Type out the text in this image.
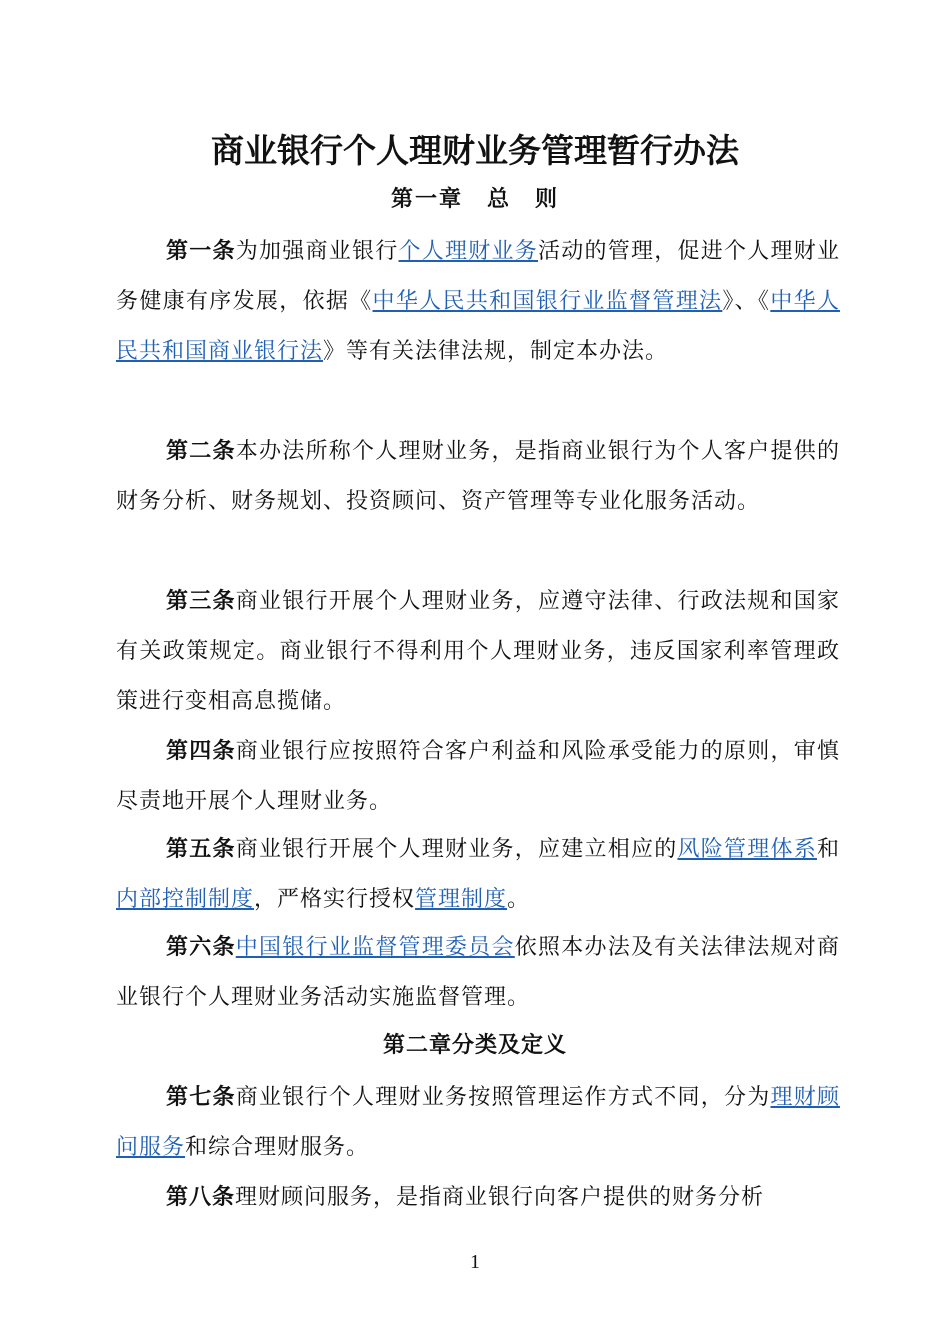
商业银行个人理财业务管理暂行办法
第一章　总　则
第一条为加强商业银行个人理财业务活动的管理，促进个人理财业务健康有序发展，依据《中华人民共和国银行业监督管理法》、《中华人民共和国商业银行法》等有关法律法规，制定本办法。
第二条本办法所称个人理财业务，是指商业银行为个人客户提供的财务分析、财务规划、投资顾问、资产管理等专业化服务活动。
第三条商业银行开展个人理财业务，应遵守法律、行政法规和国家有关政策规定。商业银行不得利用个人理财业务，违反国家利率管理政策进行变相高息揽储。
第四条商业银行应按照符合客户利益和风险承受能力的原则，审慎尽责地开展个人理财业务。
第五条商业银行开展个人理财业务，应建立相应的风险管理体系和内部控制制度，严格实行授权管理制度。
第六条中国银行业监督管理委员会依照本办法及有关法律法规对商业银行个人理财业务活动实施监督管理。
第二章分类及定义
第七条商业银行个人理财业务按照管理运作方式不同，分为理财顾问服务和综合理财服务。
第八条理财顾问服务，是指商业银行向客户提供的财务分析
1
